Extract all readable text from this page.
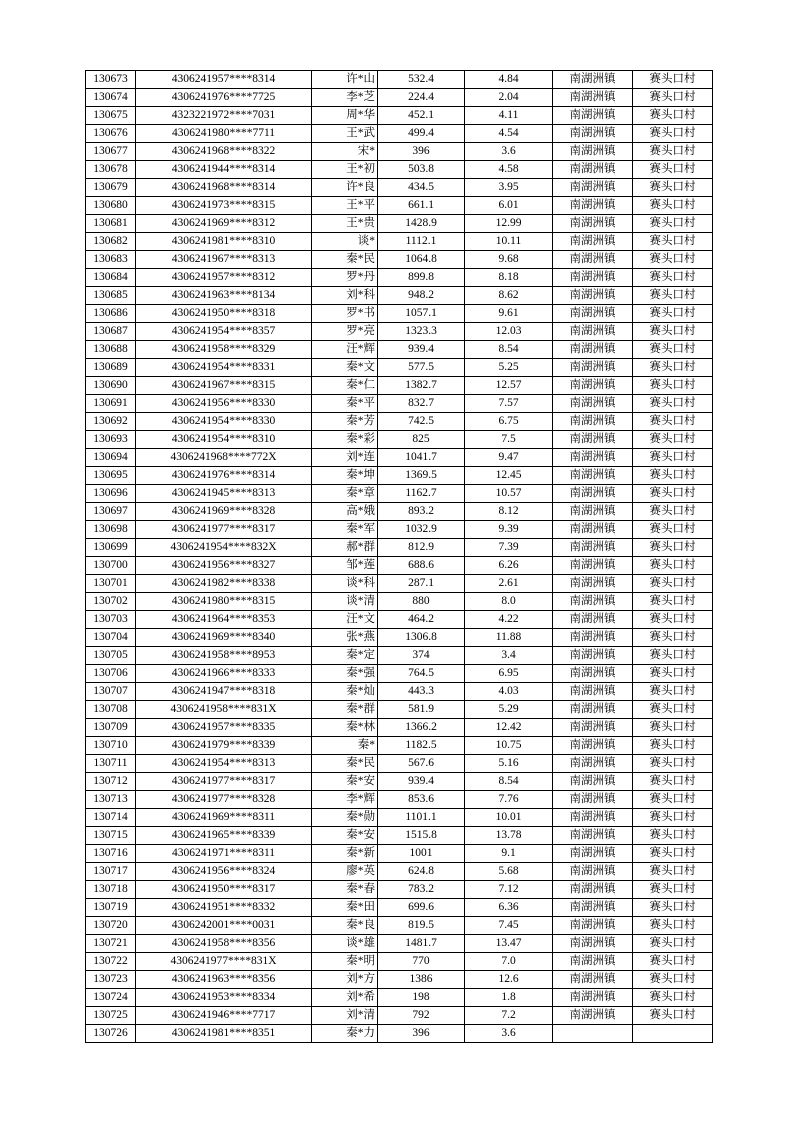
130673	4306241957****8314	许*山	532.4	4.84	南湖洲镇	赛头口村
130674	4306241976****7725	李*芝	224.4	2.04	南湖洲镇	赛头口村
130675	4323221972****7031	周*华	452.1	4.11	南湖洲镇	赛头口村
130676	4306241980****7711	王*武	499.4	4.54	南湖洲镇	赛头口村
130677	4306241968****8322	宋*	396	3.6	南湖洲镇	赛头口村
130678	4306241944****8314	王*初	503.8	4.58	南湖洲镇	赛头口村
130679	4306241968****8314	许*良	434.5	3.95	南湖洲镇	赛头口村
130680	4306241973****8315	王*平	661.1	6.01	南湖洲镇	赛头口村
130681	4306241969****8312	王*贵	1428.9	12.99	南湖洲镇	赛头口村
130682	4306241981****8310	谈*	1112.1	10.11	南湖洲镇	赛头口村
130683	4306241967****8313	秦*民	1064.8	9.68	南湖洲镇	赛头口村
130684	4306241957****8312	罗*丹	899.8	8.18	南湖洲镇	赛头口村
130685	4306241963****8134	刘*科	948.2	8.62	南湖洲镇	赛头口村
130686	4306241950****8318	罗*书	1057.1	9.61	南湖洲镇	赛头口村
130687	4306241954****8357	罗*亮	1323.3	12.03	南湖洲镇	赛头口村
130688	4306241958****8329	汪*辉	939.4	8.54	南湖洲镇	赛头口村
130689	4306241954****8331	秦*文	577.5	5.25	南湖洲镇	赛头口村
130690	4306241967****8315	秦*仁	1382.7	12.57	南湖洲镇	赛头口村
130691	4306241956****8330	秦*平	832.7	7.57	南湖洲镇	赛头口村
130692	4306241954****8330	秦*芳	742.5	6.75	南湖洲镇	赛头口村
130693	4306241954****8310	秦*彩	825	7.5	南湖洲镇	赛头口村
130694	4306241968****772X	刘*连	1041.7	9.47	南湖洲镇	赛头口村
130695	4306241976****8314	秦*坤	1369.5	12.45	南湖洲镇	赛头口村
130696	4306241945****8313	秦*章	1162.7	10.57	南湖洲镇	赛头口村
130697	4306241969****8328	高*娥	893.2	8.12	南湖洲镇	赛头口村
130698	4306241977****8317	秦*军	1032.9	9.39	南湖洲镇	赛头口村
130699	4306241954****832X	郝*群	812.9	7.39	南湖洲镇	赛头口村
130700	4306241956****8327	邹*莲	688.6	6.26	南湖洲镇	赛头口村
130701	4306241982****8338	谈*科	287.1	2.61	南湖洲镇	赛头口村
130702	4306241980****8315	谈*清	880	8.0	南湖洲镇	赛头口村
130703	4306241964****8353	汪*文	464.2	4.22	南湖洲镇	赛头口村
130704	4306241969****8340	张*燕	1306.8	11.88	南湖洲镇	赛头口村
130705	4306241958****8953	秦*定	374	3.4	南湖洲镇	赛头口村
130706	4306241966****8333	秦*强	764.5	6.95	南湖洲镇	赛头口村
130707	4306241947****8318	秦*灿	443.3	4.03	南湖洲镇	赛头口村
130708	4306241958****831X	秦*群	581.9	5.29	南湖洲镇	赛头口村
130709	4306241957****8335	秦*林	1366.2	12.42	南湖洲镇	赛头口村
130710	4306241979****8339	秦*	1182.5	10.75	南湖洲镇	赛头口村
130711	4306241954****8313	秦*民	567.6	5.16	南湖洲镇	赛头口村
130712	4306241977****8317	秦*安	939.4	8.54	南湖洲镇	赛头口村
130713	4306241977****8328	李*辉	853.6	7.76	南湖洲镇	赛头口村
130714	4306241969****8311	秦*勋	1101.1	10.01	南湖洲镇	赛头口村
130715	4306241965****8339	秦*安	1515.8	13.78	南湖洲镇	赛头口村
130716	4306241971****8311	秦*新	1001	9.1	南湖洲镇	赛头口村
130717	4306241956****8324	廖*英	624.8	5.68	南湖洲镇	赛头口村
130718	4306241950****8317	秦*春	783.2	7.12	南湖洲镇	赛头口村
130719	4306241951****8332	秦*田	699.6	6.36	南湖洲镇	赛头口村
130720	4306242001****0031	秦*良	819.5	7.45	南湖洲镇	赛头口村
130721	4306241958****8356	谈*雄	1481.7	13.47	南湖洲镇	赛头口村
130722	4306241977****831X	秦*明	770	7.0	南湖洲镇	赛头口村
130723	4306241963****8356	刘*方	1386	12.6	南湖洲镇	赛头口村
130724	4306241953****8334	刘*希	198	1.8	南湖洲镇	赛头口村
130725	4306241946****7717	刘*清	792	7.2	南湖洲镇	赛头口村
130726	4306241981****8351	秦*力	396	3.6		
